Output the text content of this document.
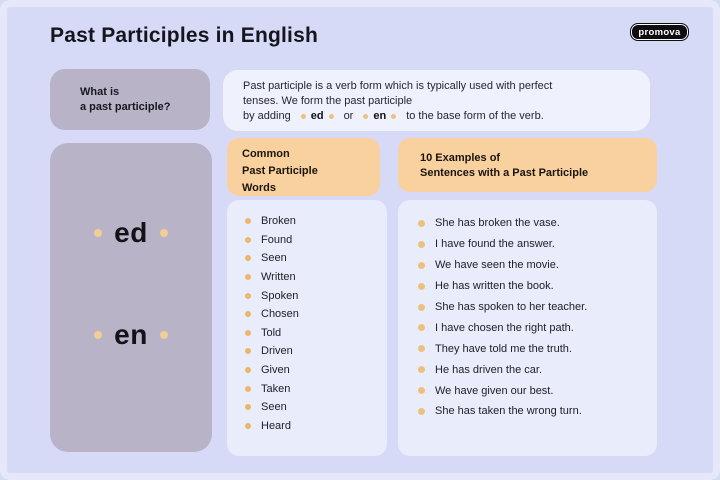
Past Participles in English	promova
What is
a past participle?
Past participle is a verb form which is typically used with perfect
tenses. We form the past participle
by adding ed or en to the base form of the verb.
ed
en
Common
Past Participle
Words
10 Examples of
Sentences with a Past Participle
Broken
Found
Seen
Written
Spoken
Chosen
Told
Driven
Given
Taken
Seen
Heard
She has broken the vase.
I have found the answer.
We have seen the movie.
He has written the book.
She has spoken to her teacher.
I have chosen the right path.
They have told me the truth.
He has driven the car.
We have given our best.
She has taken the wrong turn.
